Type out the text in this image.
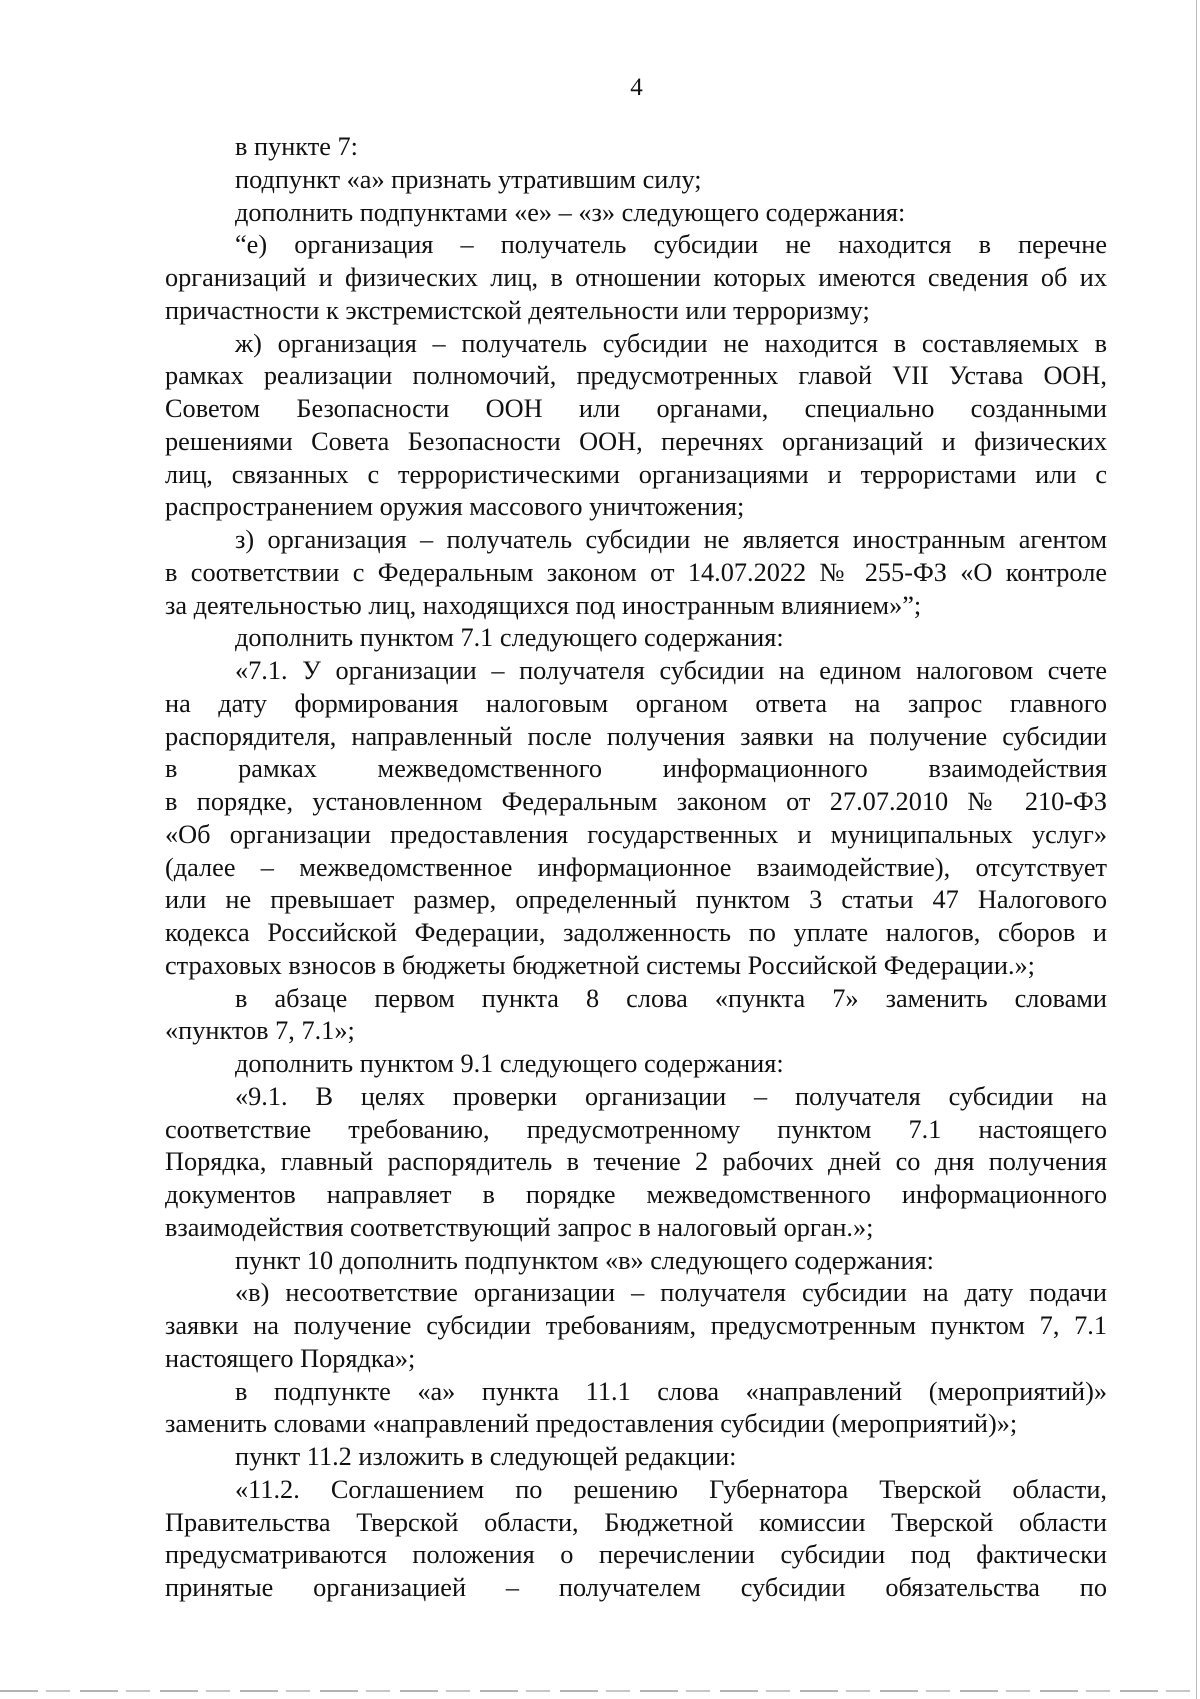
4
в пункте 7:
подпункт «а» признать утратившим силу;
дополнить подпунктами «е» – «з» следующего содержания:
“е) организация – получатель субсидии не находится в перечне
организаций и физических лиц, в отношении которых имеются сведения об их
причастности к экстремистской деятельности или терроризму;
ж) организация – получатель субсидии не находится в составляемых в
рамках реализации полномочий, предусмотренных главой VII Устава ООН,
Советом Безопасности ООН или органами, специально созданными
решениями Совета Безопасности ООН, перечнях организаций и физических
лиц, связанных с террористическими организациями и террористами или с
распространением оружия массового уничтожения;
з) организация – получатель субсидии не является иностранным агентом
в соответствии с Федеральным законом от 14.07.2022 № 255-ФЗ «О контроле
за деятельностью лиц, находящихся под иностранным влиянием»”;
дополнить пунктом 7.1 следующего содержания:
«7.1. У организации – получателя субсидии на едином налоговом счете
на дату формирования налоговым органом ответа на запрос главного
распорядителя, направленный после получения заявки на получение субсидии
в рамках межведомственного информационного взаимодействия
в порядке, установленном Федеральным законом от 27.07.2010 № 210-ФЗ
«Об организации предоставления государственных и муниципальных услуг»
(далее – межведомственное информационное взаимодействие), отсутствует
или не превышает размер, определенный пунктом 3 статьи 47 Налогового
кодекса Российской Федерации, задолженность по уплате налогов, сборов и
страховых взносов в бюджеты бюджетной системы Российской Федерации.»;
в абзаце первом пункта 8 слова «пункта 7» заменить словами
«пунктов 7, 7.1»;
дополнить пунктом 9.1 следующего содержания:
«9.1. В целях проверки организации – получателя субсидии на
соответствие требованию, предусмотренному пунктом 7.1 настоящего
Порядка, главный распорядитель в течение 2 рабочих дней со дня получения
документов направляет в порядке межведомственного информационного
взаимодействия соответствующий запрос в налоговый орган.»;
пункт 10 дополнить подпунктом «в» следующего содержания:
«в) несоответствие организации – получателя субсидии на дату подачи
заявки на получение субсидии требованиям, предусмотренным пунктом 7, 7.1
настоящего Порядка»;
в подпункте «а» пункта 11.1 слова «направлений (мероприятий)»
заменить словами «направлений предоставления субсидии (мероприятий)»;
пункт 11.2 изложить в следующей редакции:
«11.2. Соглашением по решению Губернатора Тверской области,
Правительства Тверской области, Бюджетной комиссии Тверской области
предусматриваются положения о перечислении субсидии под фактически
принятые организацией – получателем субсидии обязательства по
